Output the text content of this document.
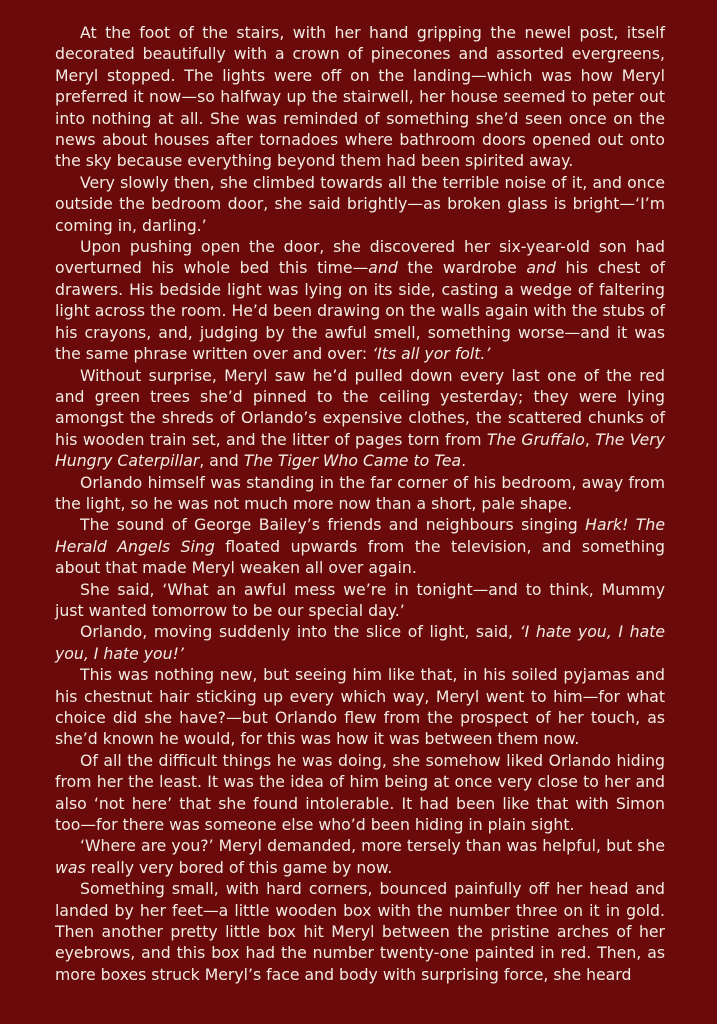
At the foot of the stairs, with her hand gripping the newel post, itself decorated beautifully with a crown of pinecones and assorted evergreens, Meryl stopped. The lights were off on the landing—which was how Meryl preferred it now—so halfway up the stairwell, her house seemed to peter out into nothing at all. She was reminded of something she’d seen once on the news about houses after tornadoes where bathroom doors opened out onto the sky because everything beyond them had been spirited away.

Very slowly then, she climbed towards all the terrible noise of it, and once outside the bedroom door, she said brightly—as broken glass is bright—‘I’m coming in, darling.’

Upon pushing open the door, she discovered her six-year-old son had overturned his whole bed this time—and the wardrobe and his chest of drawers. His bedside light was lying on its side, casting a wedge of faltering light across the room. He’d been drawing on the walls again with the stubs of his crayons, and, judging by the awful smell, something worse—and it was the same phrase written over and over: ‘Its all yor folt.’

Without surprise, Meryl saw he’d pulled down every last one of the red and green trees she’d pinned to the ceiling yesterday; they were lying amongst the shreds of Orlando’s expensive clothes, the scattered chunks of his wooden train set, and the litter of pages torn from The Gruffalo, The Very Hungry Caterpillar, and The Tiger Who Came to Tea.

Orlando himself was standing in the far corner of his bedroom, away from the light, so he was not much more now than a short, pale shape.

The sound of George Bailey’s friends and neighbours singing Hark! The Herald Angels Sing floated upwards from the television, and something about that made Meryl weaken all over again.

She said, ‘What an awful mess we’re in tonight—and to think, Mummy just wanted tomorrow to be our special day.’

Orlando, moving suddenly into the slice of light, said, ‘I hate you, I hate you, I hate you!’

This was nothing new, but seeing him like that, in his soiled pyjamas and his chestnut hair sticking up every which way, Meryl went to him—for what choice did she have?—but Orlando flew from the prospect of her touch, as she’d known he would, for this was how it was between them now.

Of all the difficult things he was doing, she somehow liked Orlando hiding from her the least. It was the idea of him being at once very close to her and also ‘not here’ that she found intolerable. It had been like that with Simon too—for there was someone else who’d been hiding in plain sight.

‘Where are you?’ Meryl demanded, more tersely than was helpful, but she was really very bored of this game by now.

Something small, with hard corners, bounced painfully off her head and landed by her feet—a little wooden box with the number three on it in gold. Then another pretty little box hit Meryl between the pristine arches of her eyebrows, and this box had the number twenty-one painted in red. Then, as more boxes struck Meryl’s face and body with surprising force, she heard
